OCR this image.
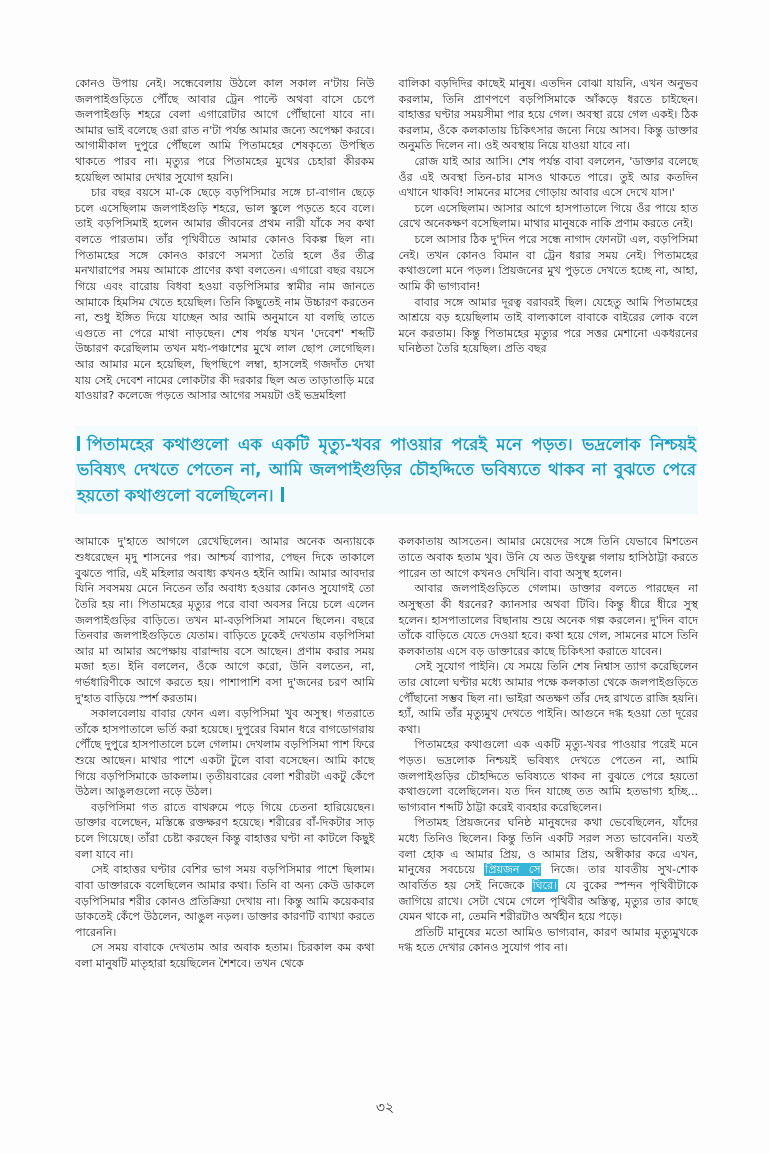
কোনও উপায় নেই। সন্ধেবেলায় উঠলে কাল সকাল ন'টায় নিউ জলপাইগুড়িতে পৌঁছে আবার ট্রেন পাল্টে অথবা বাসে চেপে জলপাইগুড়ি শহরে বেলা এগারোটার আগে পৌঁছানো যাবে না। আমার ভাই বলেছে ওরা রাত ন'টা পর্যন্ত আমার জন্যে অপেক্ষা করবে। আগামীকাল দুপুরে পৌঁছলে আমি পিতামহের শেষকৃত্যে উপস্থিত থাকতে পারব না। মৃত্যুর পরে পিতামহের মুখের চেহারা কীরকম হয়েছিল আমার দেখার সুযোগ হয়নি।

চার বছর বয়সে মা-কে ছেড়ে বড়পিসিমার সঙ্গে চা-বাগান ছেড়ে চলে এসেছিলাম জলপাইগুড়ি শহরে, ভাল স্কুলে পড়তে হবে বলে। তাই বড়পিসিমাই হলেন আমার জীবনের প্রথম নারী যাঁকে সব কথা বলতে পারতাম। তাঁর পৃথিবীতে আমার কোনও বিকল্প ছিল না। পিতামহের সঙ্গে কোনও কারণে সমস্যা তৈরি হলে ওঁর তীব্র মনখারাপের সময় আমাকে প্রাণের কথা বলতেন। এগারো বছর বয়সে গিয়ে এবং বারোয় বিধবা হওয়া বড়পিসিমার স্বামীর নাম জানতে আমাকে হিমসিম খেতে হয়েছিল। তিনি কিছুতেই নাম উচ্চারণ করতেন না, শুধু ইঙ্গিত দিয়ে যাচ্ছেন আর আমি অনুমানে যা বলছি তাতে এগুতে না পেরে মাথা নাড়ছেন। শেষ পর্যন্ত যখন 'দেবেশ' শব্দটি উচ্চারণ করেছিলাম তখন মধ্য-পঞ্চাশের মুখে লাল ছোপ লেগেছিল। আর আমার মনে হয়েছিল, ছিপছিপে লম্বা, হাসলেই গজদাঁত দেখা যায় সেই দেবেশ নামের লোকটার কী দরকার ছিল অত তাড়াতাড়ি মরে যাওয়ার? কলেজে পড়তে আসার আগের সময়টা ওই ভদ্রমহিলা

বালিকা বড়দিদির কাছেই মানুষ। এতদিন বোঝা যায়নি, এখন অনুভব করলাম, তিনি প্রাণপণে বড়পিসিমাকে আঁকড়ে ধরতে চাইছেন। বাহাত্তর ঘণ্টার সময়সীমা পার হয়ে গেল। অবস্থা রয়ে গেল একই। ঠিক করলাম, ওঁকে কলকাতায় চিকিৎসার জন্যে নিয়ে আসব। কিন্তু ডাক্তার অনুমতি দিলেন না। ওই অবস্থায় নিয়ে যাওয়া যাবে না।

রোজ যাই আর আসি। শেষ পর্যন্ত বাবা বললেন, 'ডাক্তার বলেছে ওঁর এই অবস্থা তিন-চার মাসও থাকতে পারে। তুই আর কতদিন এখানে থাকবি! সামনের মাসের গোড়ায় আবার এসে দেখে যাস।'

চলে এসেছিলাম। আসার আগে হাসপাতালে গিয়ে ওঁর পায়ে হাত রেখে অনেকক্ষণ বসেছিলাম। মাথার মানুষকে নাকি প্রণাম করতে নেই।

চলে আসার ঠিক দু'দিন পরে সন্ধে নাগাদ ফোনটা এল, বড়পিসিমা নেই। তখন কোনও বিমান বা ট্রেন ধরার সময় নেই। পিতামহের কথাগুলো মনে পড়ল। প্রিয়জনের মুখ পুড়তে দেখতে হচ্ছে না, আহা, আমি কী ভাগ্যবান!

বাবার সঙ্গে আমার দূরত্ব বরাবরই ছিল। যেহেতু আমি পিতামহের আশ্রয়ে বড় হয়েছিলাম তাই বাল্যকালে বাবাকে বাইরের লোক বলে মনে করতাম। কিন্তু পিতামহের মৃত্যুর পরে সত্তর মেশানো একধরনের ঘনিষ্ঠতা তৈরি হয়েছিল। প্রতি বছর

পিতামহের কথাগুলো এক একটি মৃত্যু-খবর পাওয়ার পরেই মনে পড়ত। ভদ্রলোক নিশ্চয়ই ভবিষ্যৎ দেখতে পেতেন না, আমি জলপাইগুড়ির চৌহদ্দিতে ভবিষ্যতে থাকব না বুঝতে পেরে হয়তো কথাগুলো বলেছিলেন।

আমাকে দু'হাতে আগলে রেখেছিলেন। আমার অনেক অন্যায়কে শুধরেছেন মৃদু শাসনের পর। আশ্চর্য ব্যাপার, পেছন দিকে তাকালে বুঝতে পারি, এই মহিলার অবাধ্য কখনও হইনি আমি। আমার আবদার যিনি সবসময় মেনে নিতেন তাঁর অবাধ্য হওয়ার কোনও সুযোগই তো তৈরি হয় না। পিতামহের মৃত্যুর পরে বাবা অবসর নিয়ে চলে এলেন জলপাইগুড়ির বাড়িতে। তখন মা-বড়পিসিমা সামনে ছিলেন। বছরে তিনবার জলপাইগুড়িতে যেতাম। বাড়িতে ঢুকেই দেখতাম বড়পিসিমা আর মা আমার অপেক্ষায় বারান্দায় বসে আছেন। প্রণাম করার সময় মজা হত। ইনি বললেন, ওঁকে আগে করো, উনি বলতেন, না, গর্ভধারিণীকে আগে করতে হয়। পাশাপাশি বসা দু'জনের চরণ আমি দু'হাত বাড়িয়ে স্পর্শ করতাম।

সকালবেলায় বাবার ফোন এল। বড়পিসিমা খুব অসুস্থ। গতরাতে তাঁকে হাসপাতালে ভর্তি করা হয়েছে। দুপুরের বিমান ধরে বাগডোগরায় পৌঁছে দুপুরে হাসপাতালে চলে গেলাম। দেখলাম বড়পিসিমা পাশ ফিরে শুয়ে আছেন। মাথার পাশে একটা টুলে বাবা বসেছেন। আমি কাছে গিয়ে বড়পিসিমাকে ডাকলাম। তৃতীয়বারের বেলা শরীরটা একটু কেঁপে উঠল। আঙুলগুলো নড়ে উঠল।

বড়পিসিমা গত রাতে বাথরুমে পড়ে গিয়ে চেতনা হারিয়েছেন। ডাক্তার বলেছেন, মস্তিষ্কে রক্তক্ষরণ হয়েছে। শরীরের বাঁ-দিকটার সাড় চলে গিয়েছে। তাঁরা চেষ্টা করছেন কিন্তু বাহাত্তর ঘণ্টা না কাটলে কিছুই বলা যাবে না।

সেই বাহাত্তর ঘণ্টার বেশির ভাগ সময় বড়পিসিমার পাশে ছিলাম। বাবা ডাক্তারকে বলেছিলেন আমার কথা। তিনি বা অন্য কেউ ডাকলে বড়পিসিমার শরীর কোনও প্রতিক্রিয়া দেখায় না। কিন্তু আমি কয়েকবার ডাকতেই কেঁপে উঠলেন, আঙুল নড়ল। ডাক্তার কারণটি ব্যাখ্যা করতে পারেননি।

সে সময় বাবাকে দেখতাম আর অবাক হতাম। চিরকাল কম কথা বলা মানুষটি মাতৃহারা হয়েছিলেন শৈশবে। তখন থেকে

কলকাতায় আসতেন। আমার মেয়েদের সঙ্গে তিনি যেভাবে মিশতেন তাতে অবাক হতাম খুব। উনি যে অত উৎফুল্ল গলায় হাসিঠাট্টা করতে পারেন তা আগে কখনও দেখিনি। বাবা অসুস্থ হলেন।

আবার জলপাইগুড়িতে গেলাম। ডাক্তার বলতে পারছেন না অসুস্থতা কী ধরনের? ক্যানসার অথবা টিবি। কিন্তু ধীরে ধীরে সুস্থ হলেন। হাসপাতালের বিছানায় শুয়ে অনেক গল্প করলেন। দু'দিন বাদে তাঁকে বাড়িতে যেতে দেওয়া হবে। কথা হয়ে গেল, সামনের মাসে তিনি কলকাতায় এসে বড় ডাক্তারের কাছে চিকিৎসা করাতে যাবেন।

সেই সুযোগ পাইনি। যে সময়ে তিনি শেষ নিশ্বাস ত্যাগ করেছিলেন তার ষোলো ঘণ্টার মধ্যে আমার পক্ষে কলকাতা থেকে জলপাইগুড়িতে পৌঁছানো সম্ভব ছিল না। ভাইরা অতক্ষণ তাঁর দেহ রাখতে রাজি হয়নি। হ্যাঁ, আমি তাঁর মৃত্যুমুখ দেখতে পাইনি। আগুনে দগ্ধ হওয়া তো দূরের কথা।

পিতামহের কথাগুলো এক একটি মৃত্যু-খবর পাওয়ার পরেই মনে পড়ত। ভদ্রলোক নিশ্চয়ই ভবিষ্যৎ দেখতে পেতেন না, আমি জলপাইগুড়ির চৌহদ্দিতে ভবিষ্যতে থাকব না বুঝতে পেরে হয়তো কথাগুলো বলেছিলেন। যত দিন যাচ্ছে তত আমি হতভাগ্য হচ্ছি... ভাগ্যবান শব্দটি ঠাট্টা করেই ব্যবহার করেছিলেন।

পিতামহ প্রিয়জনের ঘনিষ্ঠ মানুষদের কথা ভেবেছিলেন, যাঁদের মধ্যে তিনিও ছিলেন। কিন্তু তিনি একটি সরল সত্য ভাবেননি। যতই বলা হোক এ আমার প্রিয়, ও আমার প্রিয়, অস্বীকার করে এখন, মানুষের সবচেয়ে প্রিয়জন সে নিজে। তার যাবতীয় সুখ-শোক আবর্তিত হয় সেই নিজেকে ঘিরে। যে বুকের স্পন্দন পৃথিবীটাকে জাগিয়ে রাখে। সেটা থেমে গেলে পৃথিবীর অস্তিত্ব, মৃত্যুর তার কাছে যেমন থাকে না, তেমনি শরীরটাও অর্থহীন হয়ে পড়ে।

প্রতিটি মানুষের মতো আমিও ভাগ্যবান, কারণ আমার মৃত্যুমুখকে দগ্ধ হতে দেখার কোনও সুযোগ পাব না।

৩২
